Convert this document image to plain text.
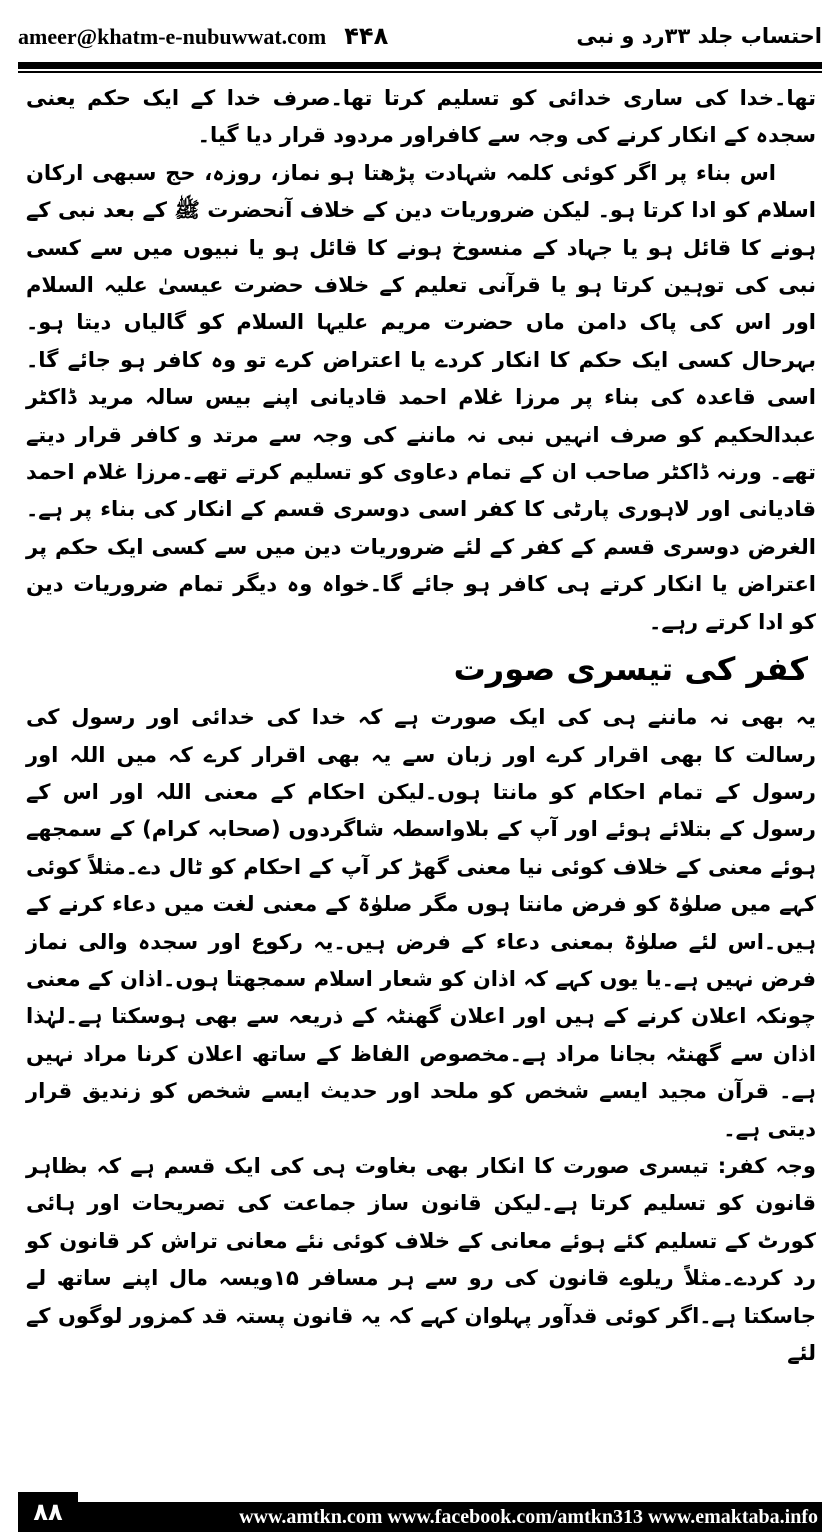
ameer@khatm-e-nubuwwat.com ۴۴۸	احتساب جلد ۳۳رد و نبی

تھا۔خدا کی ساری خدائی کو تسلیم کرتا تھا۔صرف خدا کے ایک حکم یعنی سجدہ کے انکار کرنے کی وجہ سے کافراور مردود قرار دیا گیا۔

اس بناء پر اگر کوئی کلمہ شہادت پڑھتا ہو نماز، روزہ، حج سبھی ارکان اسلام کو ادا کرتا ہو۔ لیکن ضروریات دین کے خلاف آنحضرت ﷺ کے بعد نبی کے ہونے کا قائل ہو یا جہاد کے منسوخ ہونے کا قائل ہو یا نبیوں میں سے کسی نبی کی توہین کرتا ہو یا قرآنی تعلیم کے خلاف حضرت عیسیٰ علیہ السلام اور اس کی پاک دامن ماں حضرت مریم علیہا السلام کو گالیاں دیتا ہو۔بہرحال کسی ایک حکم کا انکار کردے یا اعتراض کرے تو وہ کافر ہو جائے گا۔اسی قاعدہ کی بناء پر مرزا غلام احمد قادیانی اپنے بیس سالہ مرید ڈاکٹر عبدالحکیم کو صرف انہیں نبی نہ ماننے کی وجہ سے مرتد و کافر قرار دیتے تھے۔ ورنہ ڈاکٹر صاحب ان کے تمام دعاوی کو تسلیم کرتے تھے۔مرزا غلام احمد قادیانی اور لاہوری پارٹی کا کفر اسی دوسری قسم کے انکار کی بناء پر ہے۔الغرض دوسری قسم کے کفر کے لئے ضروریات دین میں سے کسی ایک حکم پر اعتراض یا انکار کرتے ہی کافر ہو جائے گا۔خواہ وہ دیگر تمام ضروریات دین کو ادا کرتے رہے۔

کفر کی تیسری صورت

یہ بھی نہ ماننے ہی کی ایک صورت ہے کہ خدا کی خدائی اور رسول کی رسالت کا بھی اقرار کرے اور زبان سے یہ بھی اقرار کرے کہ میں اللہ اور رسول کے تمام احکام کو مانتا ہوں۔لیکن احکام کے معنی اللہ اور اس کے رسول کے بتلائے ہوئے اور آپ کے بلاواسطہ شاگردوں (صحابہ کرام) کے سمجھے ہوئے معنی کے خلاف کوئی نیا معنی گھڑ کر آپ کے احکام کو ٹال دے۔مثلاً کوئی کہے میں صلوٰۃ کو فرض مانتا ہوں مگر صلوٰۃ کے معنی لغت میں دعاء کرنے کے ہیں۔اس لئے صلوٰۃ بمعنی دعاء کے فرض ہیں۔یہ رکوع اور سجدہ والی نماز فرض نہیں ہے۔یا یوں کہے کہ اذان کو شعار اسلام سمجھتا ہوں۔اذان کے معنی چونکہ اعلان کرنے کے ہیں اور اعلان گھنٹہ کے ذریعہ سے بھی ہوسکتا ہے۔لہٰذا اذان سے گھنٹہ بجانا مراد ہے۔مخصوص الفاظ کے ساتھ اعلان کرنا مراد نہیں ہے۔ قرآن مجید ایسے شخص کو ملحد اور حدیث ایسے شخص کو زندیق قرار دیتی ہے۔

وجہ کفر: تیسری صورت کا انکار بھی بغاوت ہی کی ایک قسم ہے کہ بظاہر قانون کو تسلیم کرتا ہے۔لیکن قانون ساز جماعت کی تصریحات اور ہائی کورٹ کے تسلیم کئے ہوئے معانی کے خلاف کوئی نئے معانی تراش کر قانون کو رد کردے۔مثلاً ریلوے قانون کی رو سے ہر مسافر ۱۵ویسہ مال اپنے ساتھ لے جاسکتا ہے۔اگر کوئی قدآور پہلوان کہے کہ یہ قانون پستہ قد کمزور لوگوں کے لئے

۸۸	www.amtkn.com www.facebook.com/amtkn313 www.emaktaba.info
